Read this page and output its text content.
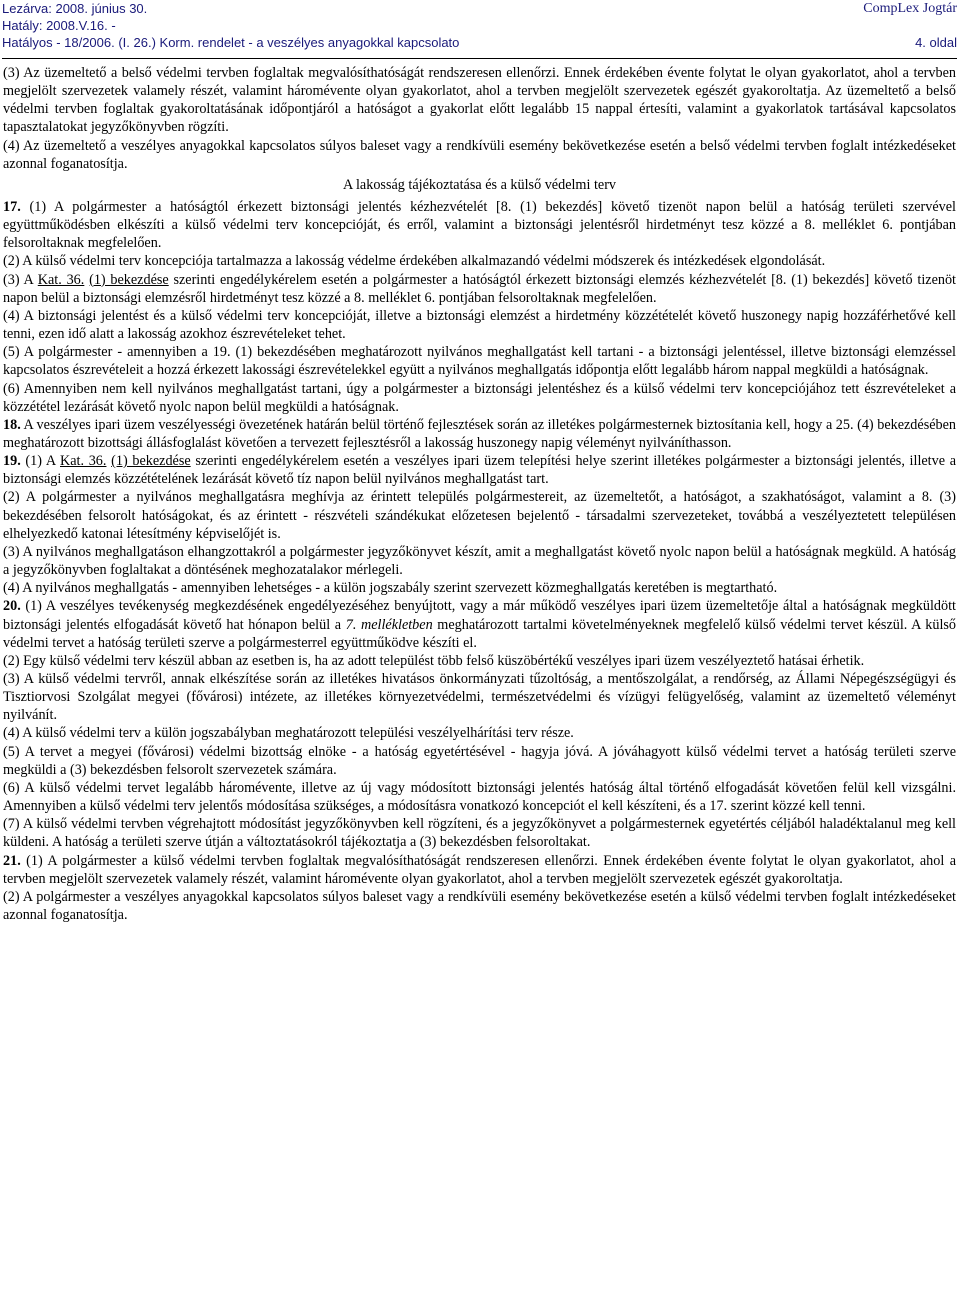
Lezárva: 2008. június 30.	CompLex Jogtár
Hatály: 2008.V.16. -
Hatályos - 18/2006. (I. 26.) Korm. rendelet - a veszélyes anyagokkal kapcsolato	4. oldal

(3) Az üzemeltető a belső védelmi tervben foglaltak megvalósíthatóságát rendszeresen ellenőrzi. Ennek érdekében évente folytat le olyan gyakorlatot, ahol a tervben megjelölt szervezetek valamely részét, valamint háromévente olyan gyakorlatot, ahol a tervben megjelölt szervezetek egészét gyakoroltatja. Az üzemeltető a belső védelmi tervben foglaltak gyakoroltatásának időpontjáról a hatóságot a gyakorlat előtt legalább 15 nappal értesíti, valamint a gyakorlatok tartásával kapcsolatos tapasztalatokat jegyzőkönyvben rögzíti.

(4) Az üzemeltető a veszélyes anyagokkal kapcsolatos súlyos baleset vagy a rendkívüli esemény bekövetkezése esetén a belső védelmi tervben foglalt intézkedéseket azonnal foganatosítja.

A lakosság tájékoztatása és a külső védelmi terv

17. (1) A polgármester a hatóságtól érkezett biztonsági jelentés kézhezvételét [8. (1) bekezdés] követő tizenöt napon belül a hatóság területi szervével együttműködésben elkészíti a külső védelmi terv koncepcióját, és erről, valamint a biztonsági jelentésről hirdetményt tesz közzé a 8. melléklet 6. pontjában felsoroltaknak megfelelően.

(2) A külső védelmi terv koncepciója tartalmazza a lakosság védelme érdekében alkalmazandó védelmi módszerek és intézkedések elgondolását.

(3) A Kat. 36. (1) bekezdése szerinti engedélykérelem esetén a polgármester a hatóságtól érkezett biztonsági elemzés kézhezvételét [8. (1) bekezdés] követő tizenöt napon belül a biztonsági elemzésről hirdetményt tesz közzé a 8. melléklet 6. pontjában felsoroltaknak megfelelően.

(4) A biztonsági jelentést és a külső védelmi terv koncepcióját, illetve a biztonsági elemzést a hirdetmény közzétételét követő huszonegy napig hozzáférhetővé kell tenni, ezen idő alatt a lakosság azokhoz észrevételeket tehet.

(5) A polgármester - amennyiben a 19. (1) bekezdésében meghatározott nyilvános meghallgatást kell tartani - a biztonsági jelentéssel, illetve biztonsági elemzéssel kapcsolatos észrevételeit a hozzá érkezett lakossági észrevételekkel együtt a nyilvános meghallgatás időpontja előtt legalább három nappal megküldi a hatóságnak.

(6) Amennyiben nem kell nyilvános meghallgatást tartani, úgy a polgármester a biztonsági jelentéshez és a külső védelmi terv koncepciójához tett észrevételeket a közzététel lezárását követő nyolc napon belül megküldi a hatóságnak.

18. A veszélyes ipari üzem veszélyességi övezetének határán belül történő fejlesztések során az illetékes polgármesternek biztosítania kell, hogy a 25. (4) bekezdésében meghatározott bizottsági állásfoglalást követően a tervezett fejlesztésről a lakosság huszonegy napig véleményt nyilváníthasson.

19. (1) A Kat. 36. (1) bekezdése szerinti engedélykérelem esetén a veszélyes ipari üzem telepítési helye szerint illetékes polgármester a biztonsági jelentés, illetve a biztonsági elemzés közzétételének lezárását követő tíz napon belül nyilvános meghallgatást tart.

(2) A polgármester a nyilvános meghallgatásra meghívja az érintett település polgármestereit, az üzemeltetőt, a hatóságot, a szakhatóságot, valamint a 8. (3) bekezdésében felsorolt hatóságokat, és az érintett - részvételi szándékukat előzetesen bejelentő - társadalmi szervezeteket, továbbá a veszélyeztetett településen elhelyezkedő katonai létesítmény képviselőjét is.

(3) A nyilvános meghallgatáson elhangzottakról a polgármester jegyzőkönyvet készít, amit a meghallgatást követő nyolc napon belül a hatóságnak megküld. A hatóság a jegyzőkönyvben foglaltakat a döntésének meghozatalakor mérlegeli.

(4) A nyilvános meghallgatás - amennyiben lehetséges - a külön jogszabály szerint szervezett közmeghallgatás keretében is megtartható.

20. (1) A veszélyes tevékenység megkezdésének engedélyezéséhez benyújtott, vagy a már működő veszélyes ipari üzem üzemeltetője által a hatóságnak megküldött biztonsági jelentés elfogadását követő hat hónapon belül a 7. mellékletben meghatározott tartalmi követelményeknek megfelelő külső védelmi tervet készül. A külső védelmi tervet a hatóság területi szerve a polgármesterrel együttműködve készíti el.

(2) Egy külső védelmi terv készül abban az esetben is, ha az adott települést több felső küszöbértékű veszélyes ipari üzem veszélyeztető hatásai érhetik.

(3) A külső védelmi tervről, annak elkészítése során az illetékes hivatásos önkormányzati tűzoltóság, a mentőszolgálat, a rendőrség, az Állami Népegészségügyi és Tisztiorvosi Szolgálat megyei (fővárosi) intézete, az illetékes környezetvédelmi, természetvédelmi és vízügyi felügyelőség, valamint az üzemeltető véleményt nyilvánít.

(4) A külső védelmi terv a külön jogszabályban meghatározott települési veszélyelhárítási terv része.

(5) A tervet a megyei (fővárosi) védelmi bizottság elnöke - a hatóság egyetértésével - hagyja jóvá. A jóváhagyott külső védelmi tervet a hatóság területi szerve megküldi a (3) bekezdésben felsorolt szervezetek számára.

(6) A külső védelmi tervet legalább háromévente, illetve az új vagy módosított biztonsági jelentés hatóság által történő elfogadását követően felül kell vizsgálni. Amennyiben a külső védelmi terv jelentős módosítása szükséges, a módosításra vonatkozó koncepciót el kell készíteni, és a 17. szerint közzé kell tenni.

(7) A külső védelmi tervben végrehajtott módosítást jegyzőkönyvben kell rögzíteni, és a jegyzőkönyvet a polgármesternek egyetértés céljából haladéktalanul meg kell küldeni. A hatóság a területi szerve útján a változtatásokról tájékoztatja a (3) bekezdésben felsoroltakat.

21. (1) A polgármester a külső védelmi tervben foglaltak megvalósíthatóságát rendszeresen ellenőrzi. Ennek érdekében évente folytat le olyan gyakorlatot, ahol a tervben megjelölt szervezetek valamely részét, valamint háromévente olyan gyakorlatot, ahol a tervben megjelölt szervezetek egészét gyakoroltatja.

(2) A polgármester a veszélyes anyagokkal kapcsolatos súlyos baleset vagy a rendkívüli esemény bekövetkezése esetén a külső védelmi tervben foglalt intézkedéseket azonnal foganatosítja.
